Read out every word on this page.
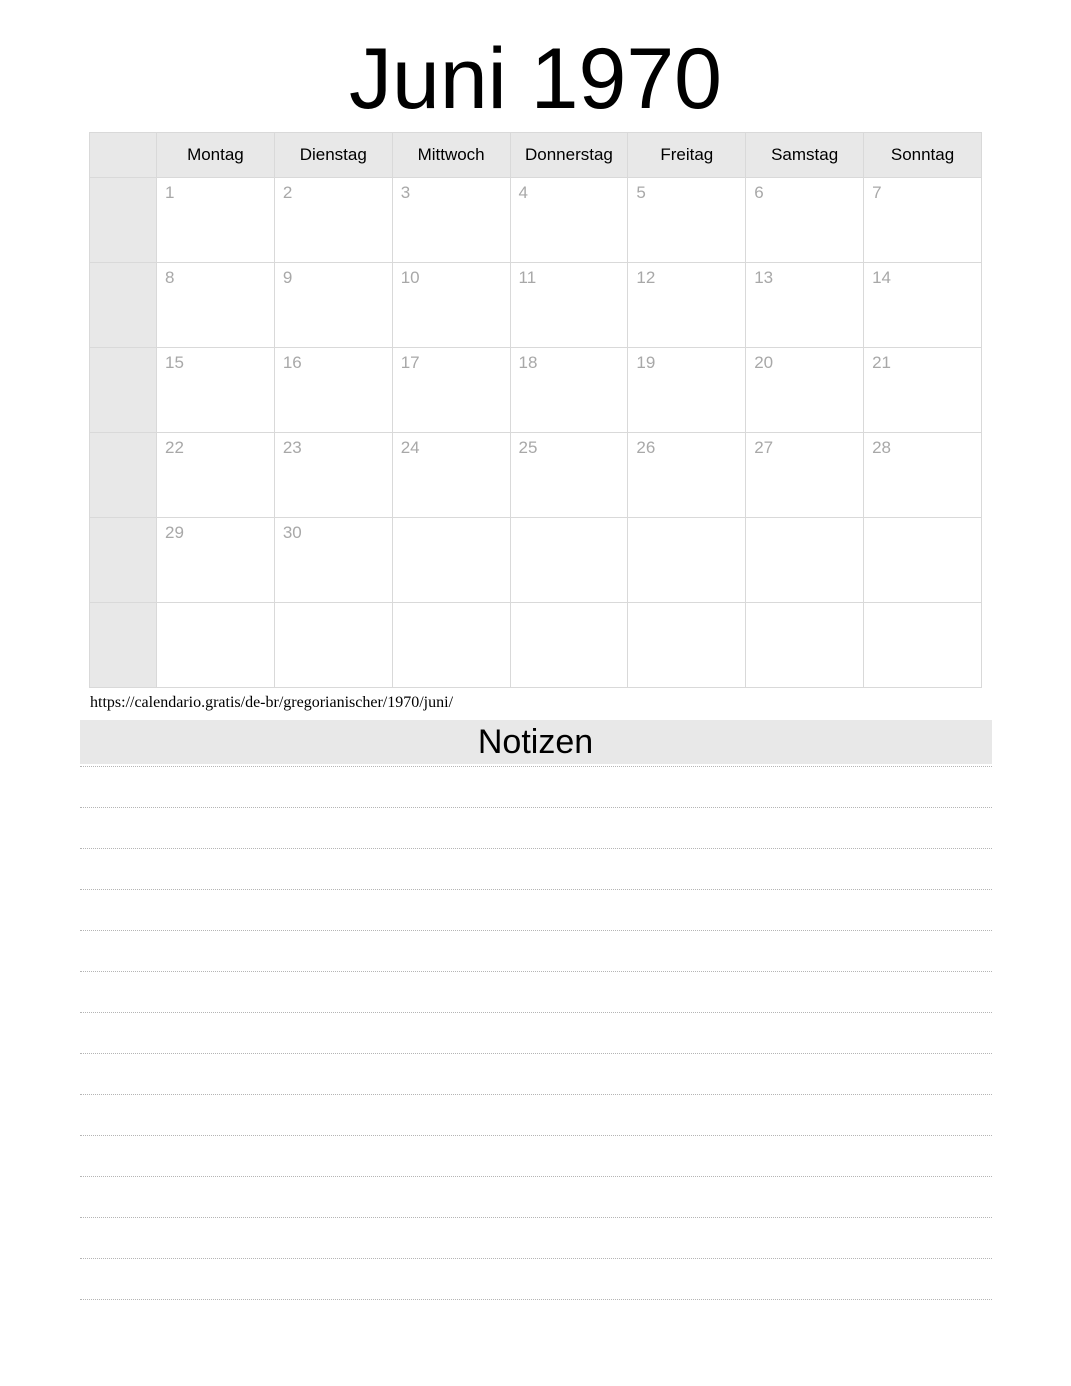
Juni 1970
	Montag	Dienstag	Mittwoch	Donnerstag	Freitag	Samstag	Sonntag

	1	2	3	4	5	6	7

	8	9	10	11	12	13	14

	15	16	17	18	19	20	21

	22	23	24	25	26	27	28

	29	30					

https://calendario.gratis/de-br/gregorianischer/1970/juni/
Notizen
